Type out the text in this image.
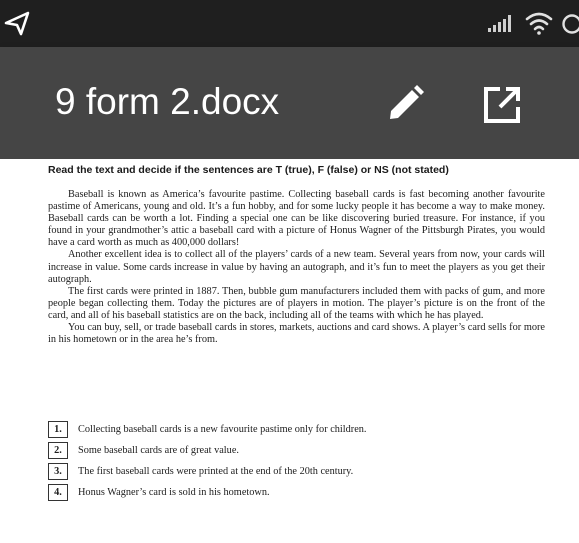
9 form 2.docx
Read the text and decide if the sentences are T (true), F (false) or NS (not stated)

Baseball is known as America’s favourite pastime. Collecting baseball cards is fast becoming another favourite pastime of Americans, young and old. It’s a fun hobby, and for some lucky people it has become a way to make money. Baseball cards can be worth a lot. Finding a special one can be like discovering buried treasure. For instance, if you found in your grandmother’s attic a baseball card with a picture of Honus Wagner of the Pittsburgh Pirates, you would have a card worth as much as 400,000 dollars!

Another excellent idea is to collect all of the players’ cards of a new team. Several years from now, your cards will increase in value. Some cards increase in value by having an autograph, and it’s fun to meet the players as you get their autograph.

The first cards were printed in 1887. Then, bubble gum manufacturers included them with packs of gum, and more people began collecting them. Today the pictures are of players in motion. The player’s picture is on the front of the card, and all of his baseball statistics are on the back, including all of the teams with which he has played.

You can buy, sell, or trade baseball cards in stores, markets, auctions and card shows. A player’s card sells for more in his hometown or in the area he’s from.

1.	Collecting baseball cards is a new favourite pastime only for children.
2.	Some baseball cards are of great value.
3.	The first baseball cards were printed at the end of the 20th century.
4.	Honus Wagner’s card is sold in his hometown.
